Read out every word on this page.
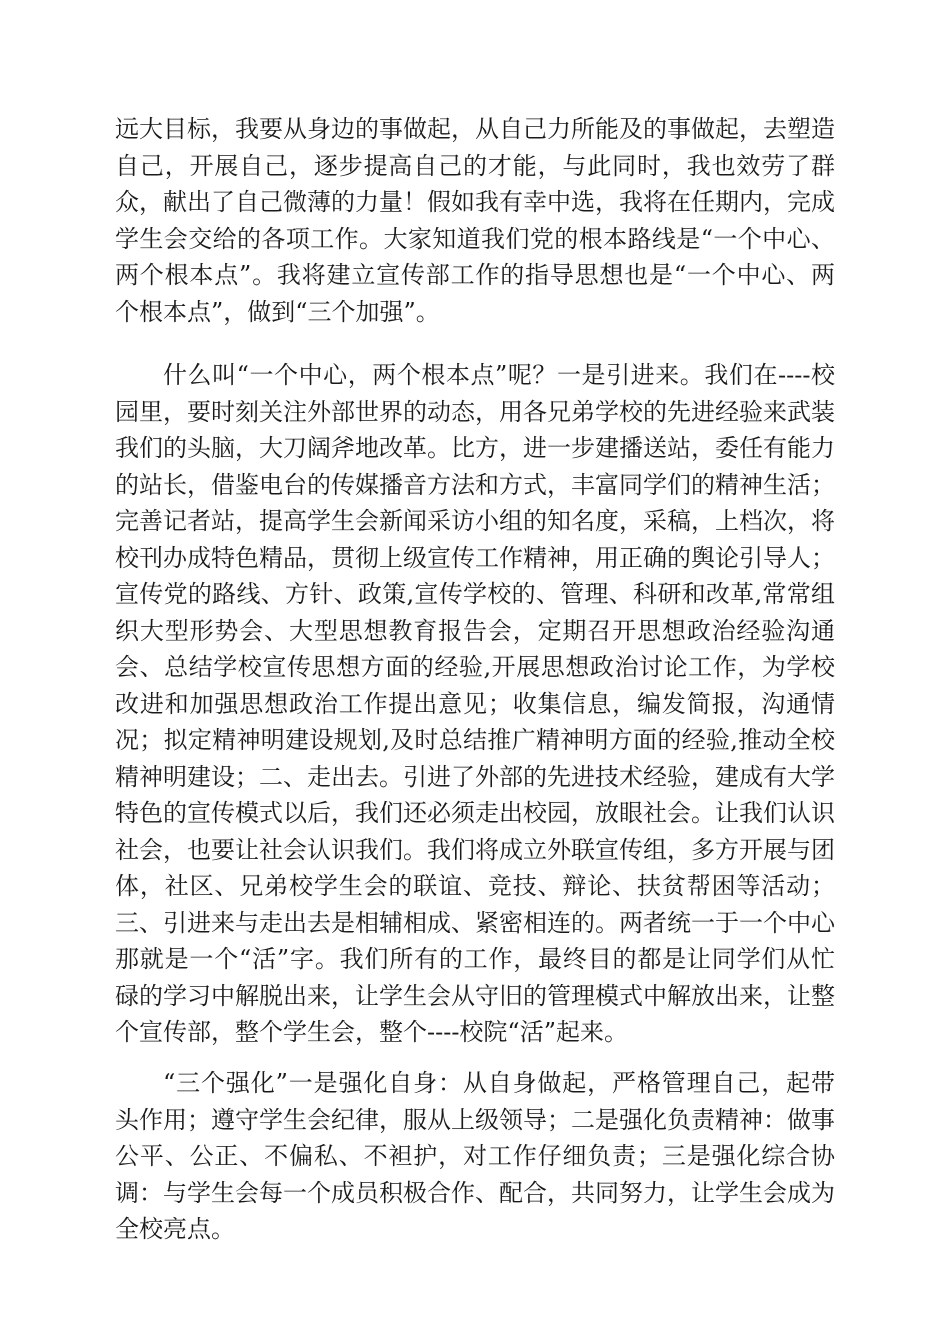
远大目标，我要从身边的事做起，从自己力所能及的事做起，去塑造自己，开展自己，逐步提高自己的才能，与此同时，我也效劳了群众，献出了自己微薄的力量！假如我有幸中选，我将在任期内，完成学生会交给的各项工作。大家知道我们党的根本路线是“一个中心、两个根本点”。我将建立宣传部工作的指导思想也是“一个中心、两个根本点”，做到“三个加强”。

什么叫“一个中心，两个根本点”呢？一是引进来。我们在----校园里，要时刻关注外部世界的动态，用各兄弟学校的先进经验来武装我们的头脑，大刀阔斧地改革。比方，进一步建播送站，委任有能力的站长，借鉴电台的传媒播音方法和方式，丰富同学们的精神生活；完善记者站，提高学生会新闻采访小组的知名度，采稿，上档次，将校刊办成特色精品，贯彻上级宣传工作精神，用正确的舆论引导人；宣传党的路线、方针、政策,宣传学校的、管理、科研和改革,常常组织大型形势会、大型思想教育报告会，定期召开思想政治经验沟通会、总结学校宣传思想方面的经验,开展思想政治讨论工作，为学校改进和加强思想政治工作提出意见；收集信息，编发简报，沟通情况；拟定精神明建设规划,及时总结推广精神明方面的经验,推动全校精神明建设；二、走出去。引进了外部的先进技术经验，建成有大学特色的宣传模式以后，我们还必须走出校园，放眼社会。让我们认识社会，也要让社会认识我们。我们将成立外联宣传组，多方开展与团体，社区、兄弟校学生会的联谊、竞技、辩论、扶贫帮困等活动；三、引进来与走出去是相辅相成、紧密相连的。两者统一于一个中心那就是一个“活”字。我们所有的工作，最终目的都是让同学们从忙碌的学习中解脱出来，让学生会从守旧的管理模式中解放出来，让整个宣传部，整个学生会，整个----校院“活”起来。

“三个强化”一是强化自身：从自身做起，严格管理自己，起带头作用；遵守学生会纪律，服从上级领导；二是强化负责精神：做事公平、公正、不偏私、不袒护，对工作仔细负责；三是强化综合协调：与学生会每一个成员积极合作、配合，共同努力，让学生会成为全校亮点。
